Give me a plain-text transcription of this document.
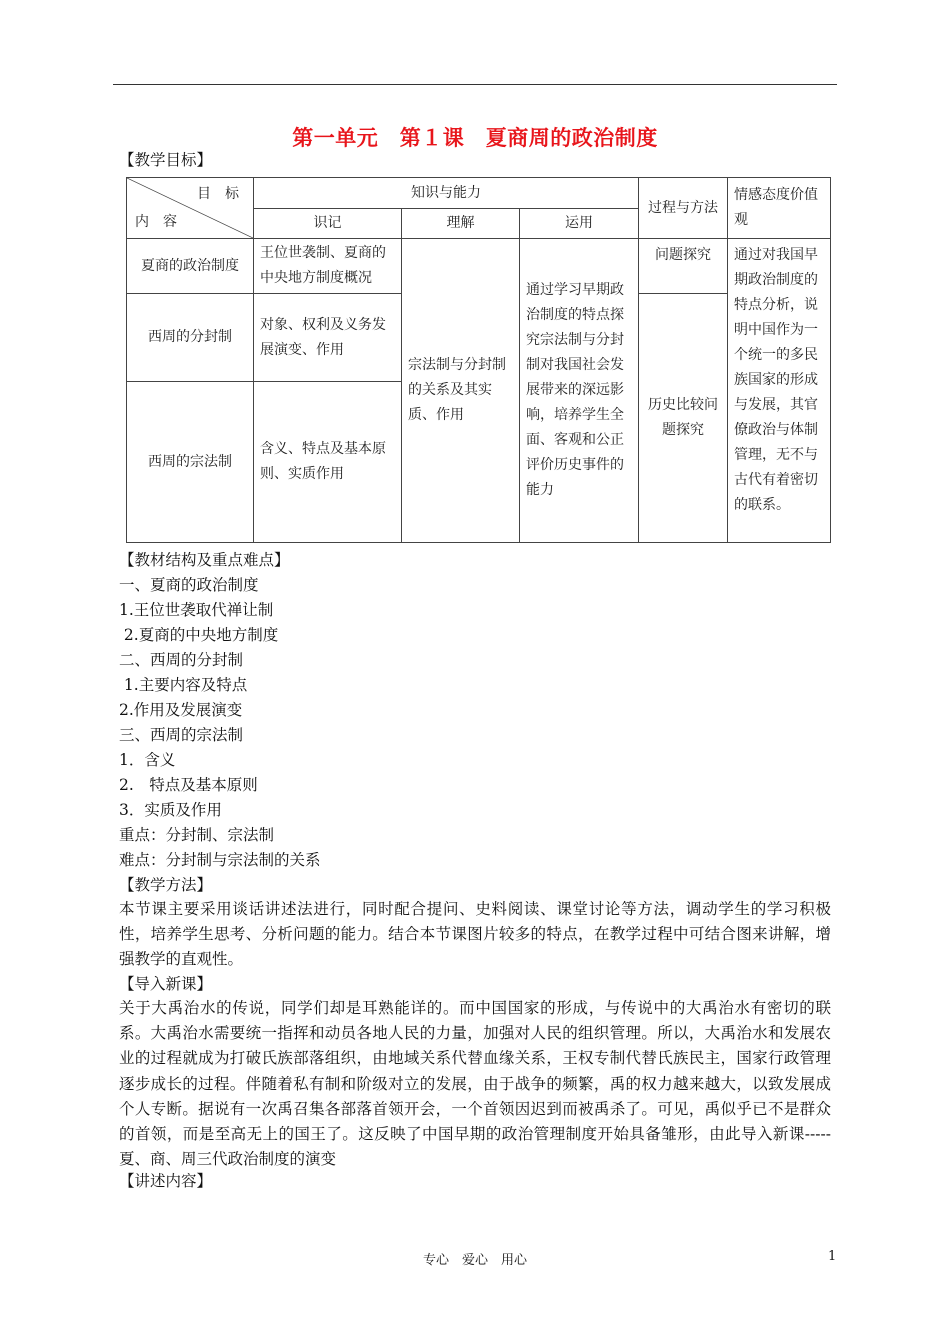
第一单元　第１课　夏商周的政治制度
【教学目标】
目　标
内　容	知识与能力			过程与方法	情感态度价值观
	识记	理解	运用		
夏商的政治制度	王位世袭制、夏商的中央地方制度概况	宗法制与分封制的关系及其实质、作用	通过学习早期政治制度的特点探究宗法制与分封制对我国社会发展带来的深远影响，培养学生全面、客观和公正评价历史事件的能力	问题探究	通过对我国早期政治制度的特点分析，说明中国作为一个统一的多民族国家的形成与发展，其官僚政治与体制管理，无不与古代有着密切的联系。
西周的分封制	对象、权利及义务发展演变、作用			历史比较问题探究	
西周的宗法制	含义、特点及基本原则、实质作用				
【教材结构及重点难点】
一、夏商的政治制度
1.王位世袭取代禅让制
2.夏商的中央地方制度
二、西周的分封制
1.主要内容及特点
2.作用及发展演变
三、西周的宗法制
1．含义
2.　特点及基本原则
3．实质及作用
重点：分封制、宗法制
难点：分封制与宗法制的关系
【教学方法】
本节课主要采用谈话讲述法进行，同时配合提问、史料阅读、课堂讨论等方法，调动学生的学习积极性，培养学生思考、分析问题的能力。结合本节课图片较多的特点，在教学过程中可结合图来讲解，增强教学的直观性。
【导入新课】
关于大禹治水的传说，同学们却是耳熟能详的。而中国国家的形成，与传说中的大禹治水有密切的联系。大禹治水需要统一指挥和动员各地人民的力量，加强对人民的组织管理。所以，大禹治水和发展农业的过程就成为打破氏族部落组织，由地域关系代替血缘关系，王权专制代替氏族民主，国家行政管理逐步成长的过程。伴随着私有制和阶级对立的发展，由于战争的频繁，禹的权力越来越大，以致发展成个人专断。据说有一次禹召集各部落首领开会，一个首领因迟到而被禹杀了。可见，禹似乎已不是群众的首领，而是至高无上的国王了。这反映了中国早期的政治管理制度开始具备雏形，由此导入新课-----夏、商、周三代政治制度的演变
【讲述内容】
专心　爱心　用心	1
